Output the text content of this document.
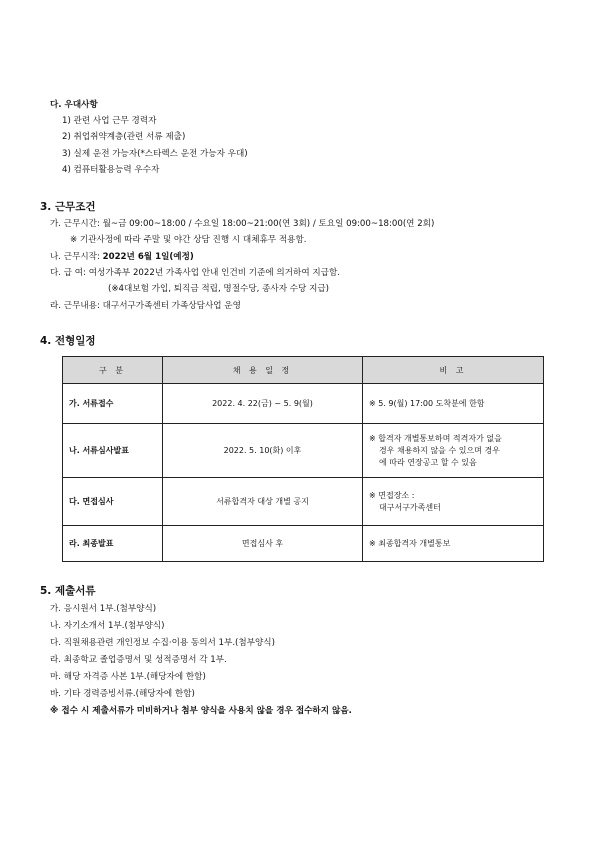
다. 우대사항
1) 관련 사업 근무 경력자
2) 취업취약계층(관련 서류 제출)
3) 실제 운전 가능자(*스타렉스 운전 가능자 우대)
4) 컴퓨터활용능력 우수자
3. 근무조건
가. 근무시간: 월~금 09:00~18:00 / 수요일 18:00~21:00(연 3회) / 토요일 09:00~18:00(연 2회)
※ 기관사정에 따라 주말 및 야간 상담 진행 시 대체휴무 적용함.
나. 근무시작: 2022년 6월 1일(예정)
다. 급 여: 여성가족부 2022년 가족사업 안내 인건비 기준에 의거하여 지급함.
(※4대보험 가입, 퇴직금 적립, 명절수당, 종사자 수당 지급)
라. 근무내용: 대구서구가족센터 가족상담사업 운영
4. 전형일정
구 분	채 용 일 정	비 고
가. 서류접수	2022. 4. 22(금) ~ 5. 9(월)	※ 5. 9(월) 17:00 도착분에 한함

나. 서류심사발표	2022. 5. 10(화) 이후	※ 합격자 개별통보하며 적격자가 없을
경우 채용하지 않을 수 있으며 경우
에 따라 연장공고 할 수 있음

다. 면접심사	서류합격자 대상 개별 공지	※ 면접장소 :
대구서구가족센터

라. 최종발표	면접심사 후	※ 최종합격자 개별통보
5. 제출서류
가. 응시원서 1부.(첨부양식)
나. 자기소개서 1부.(첨부양식)
다. 직원채용관련 개인정보 수집·이용 동의서 1부.(첨부양식)
라. 최종학교 졸업증명서 및 성적증명서 각 1부.
마. 해당 자격증 사본 1부.(해당자에 한함)
바. 기타 경력증빙서류.(해당자에 한함)
※ 접수 시 제출서류가 미비하거나 첨부 양식을 사용치 않을 경우 접수하지 않음.
